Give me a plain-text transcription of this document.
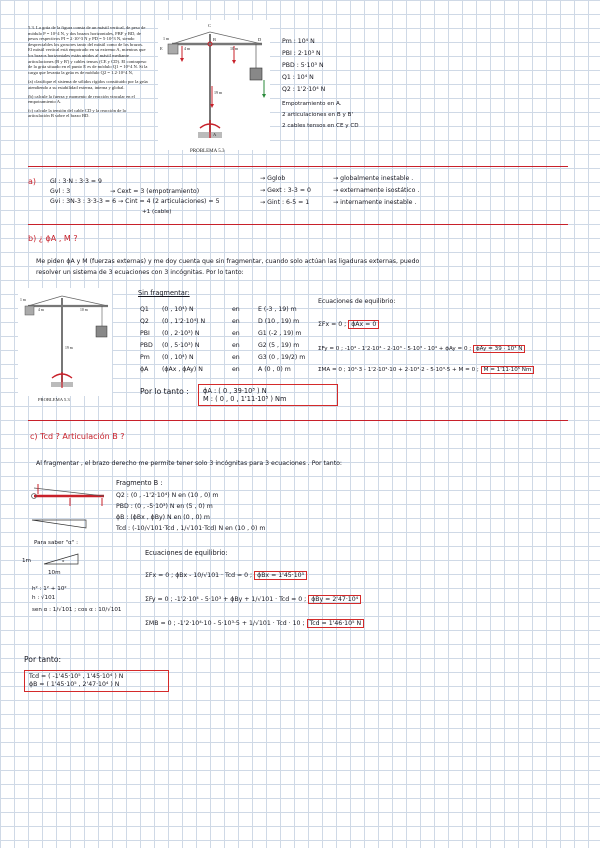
5.3. La grúa de la figura consta de un mástil vertical, de peso de módulo P = 10^4 N, y dos brazos horizontales, FBF y BD, de pesos respectivos PI = 2·10^3 N y PD = 5·10^3 N, siendo despreciables los grosores tanto del mástil como de los brazos. El mástil vertical está empotrado en su extremo A, mientras que los brazos horizontales están unidos al mástil mediante articulaciones (B y B') y cables tensos (CE y CD). El contrapeso de la grúa situado en el punto E es de módulo Q1 = 10^4 N. Si la carga que levanta la grúa es de módulo Q2 = 1.2·10^4 N,
(a) clasifique el sistema de sólidos rígidos constituido por la grúa atendiendo a su estabilidad externa, interna y global.
(b) calcule la fuerza y momento de reacción vincular en el empotramiento A.
(c) calcule la tensión del cable CD y la reacción de la articulación B sobre el brazo BD.
1 m
4 m	10 m
19 m
C
D
B
A
E
PROBLEMA 5.3
Pm : 10⁴ N
PBI : 2·10³ N
PBD : 5·10³ N
Q1 : 10⁴ N
Q2 : 1'2·10⁴ N
Empotramiento en A.
2 articulaciones en B y B'
2 cables tensos en CE y CD
a) Gl : 3·N : 3·3 = 9
Gvl : 3
Gvi : 3N-3 : 3·3-3 = 6
→ Cext = 3 (empotramiento)
→ Cint = 4 (2 articulaciones) = 5
+1 (cable)
→ Gglob	→ globalmente inestable .
→ Gext : 3-3 = 0	→ externamente isostático .
→ Gint : 6-5 = 1	→ internamente inestable .
b) ¿ ϕA , M ?
Me piden ϕA y M (fuerzas externas) y me doy cuenta que sin fragmentar, cuando solo actúan las ligaduras externas, puedo
resolver un sistema de 3 ecuaciones con 3 incógnitas. Por lo tanto:
1 m
4 m	10 m
19 m
PROBLEMA 5.3
Sin fragmentar:
Q1 (0 , 10⁴) N	en	E (-3 , 19) m
Q2 (0 , 1'2·10⁴) N	en	D (10 , 19) m
PBI (0 , 2·10³) N	en	G1 (-2 , 19) m
PBD (0 , 5·10³) N	en	G2 (5 , 19) m
Pm (0 , 10⁴) N	en	G3 (0 , 19/2) m
ϕA (ϕAx , ϕAy) N	en	A (0 , 0) m
Ecuaciones de equilibrio:
ΣFx = 0 ; ϕAx = 0
ΣFy = 0 ; -10⁴ - 1'2·10⁴ - 2·10³ - 5·10³ - 10⁴ + ϕAy = 0 ; ϕAy = 39 · 10³ N
ΣMA = 0 ; 10⁴·3 - 1'2·10⁴·10 + 2·10³·2 - 5·10³·5 + M = 0 ; M = 1'11·10⁵ Nm
Por lo tanto : ϕA : ( 0 , 39·10³ ) N
M : ( 0 , 0 , 1'11·10⁵ ) Nm
c) Tcd ? Articulación B ?
Al fragmentar , el brazo derecho me permite tener solo 3 incógnitas para 3 ecuaciones . Por tanto:
α
Para saber "α" :
1m
10m
h² : 1² + 10²
h : √101
sen α : 1/√101 ; cos α : 10/√101
Fragmento B :
Q2 : (0 , -1'2·10⁴) N en (10 , 0) m
PBD : (0 , -5·10³) N en (5 , 0) m
ϕB : (ϕBx , ϕBy) N en (0 , 0) m
Tcd : (-10/√101·Tcd , 1/√101·Tcd) N en (10 , 0) m
Ecuaciones de equilibrio:
ΣFx = 0 ; ϕBx - 10/√101 · Tcd = 0 ; ϕBx = 1'45·10⁵
ΣFy = 0 ; -1'2·10⁴ - 5·10³ + ϕBy + 1/√101 · Tcd = 0 ; ϕBy = 2'47·10⁴
ΣMB = 0 ; -1'2·10⁴·10 - 5·10³·5 + 1/√101 · Tcd · 10 ; Tcd = 1'46·10⁵ N
Por tanto:
Tcd = ( -1'45·10⁵ , 1'45·10⁴ ) N
ϕB = ( 1'45·10⁵ , 2'47·10⁴ ) N
